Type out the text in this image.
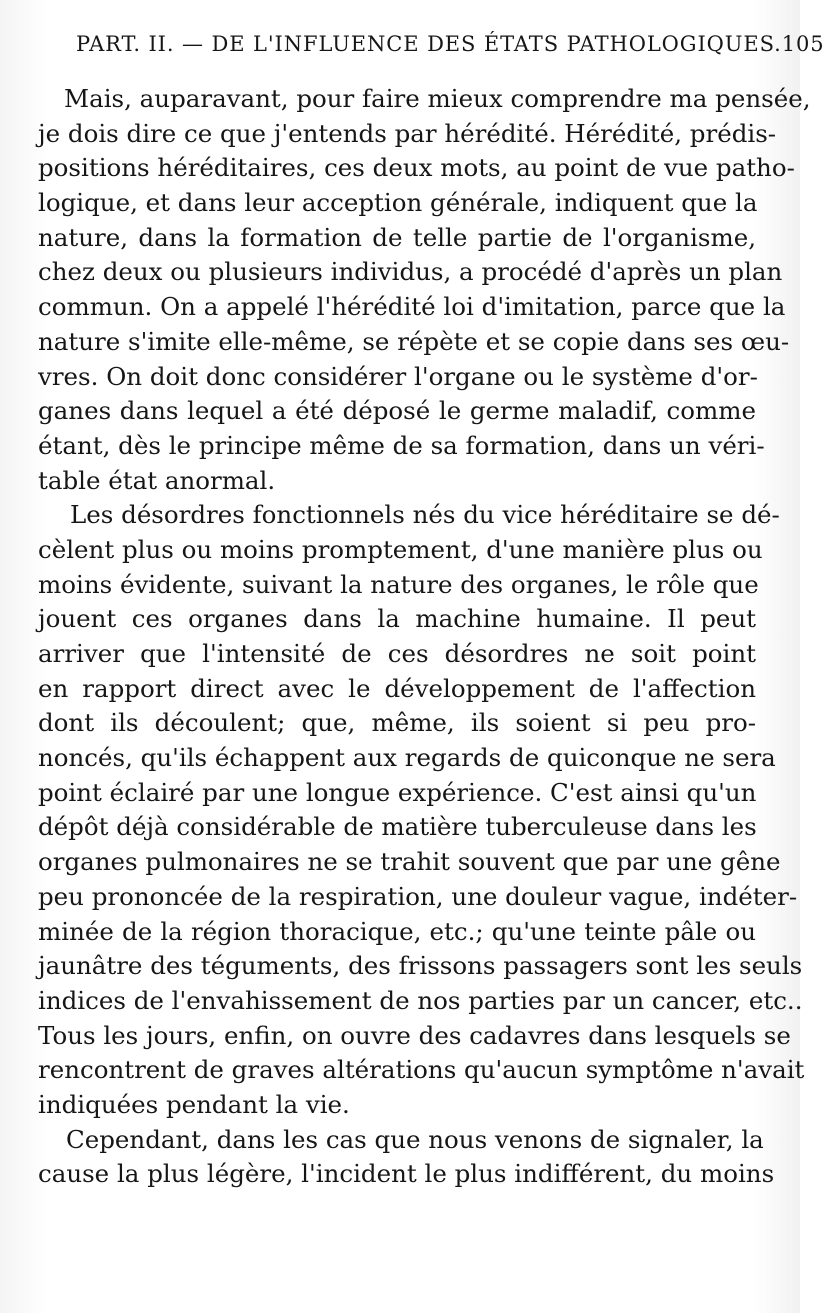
PART. II. — DE L'INFLUENCE DES ÉTATS PATHOLOGIQUES. 105
Mais, auparavant, pour faire mieux comprendre ma pensée,
je dois dire ce que j'entends par hérédité. Hérédité, prédis-
positions héréditaires, ces deux mots, au point de vue patho-
logique, et dans leur acception générale, indiquent que la
nature, dans la formation de telle partie de l'organisme,
chez deux ou plusieurs individus, a procédé d'après un plan
commun. On a appelé l'hérédité loi d'imitation, parce que la
nature s'imite elle-même, se répète et se copie dans ses œu-
vres. On doit donc considérer l'organe ou le système d'or-
ganes dans lequel a été déposé le germe maladif, comme
étant, dès le principe même de sa formation, dans un véri-
table état anormal.
Les désordres fonctionnels nés du vice héréditaire se dé-
cèlent plus ou moins promptement, d'une manière plus ou
moins évidente, suivant la nature des organes, le rôle que
jouent ces organes dans la machine humaine. Il peut
arriver que l'intensité de ces désordres ne soit point
en rapport direct avec le développement de l'affection
dont ils découlent; que, même, ils soient si peu pro-
noncés, qu'ils échappent aux regards de quiconque ne sera
point éclairé par une longue expérience. C'est ainsi qu'un
dépôt déjà considérable de matière tuberculeuse dans les
organes pulmonaires ne se trahit souvent que par une gêne
peu prononcée de la respiration, une douleur vague, indéter-
minée de la région thoracique, etc.; qu'une teinte pâle ou
jaunâtre des téguments, des frissons passagers sont les seuls
indices de l'envahissement de nos parties par un cancer, etc..
Tous les jours, enfin, on ouvre des cadavres dans lesquels se
rencontrent de graves altérations qu'aucun symptôme n'avait
indiquées pendant la vie.
Cependant, dans les cas que nous venons de signaler, la
cause la plus légère, l'incident le plus indifférent, du moins
